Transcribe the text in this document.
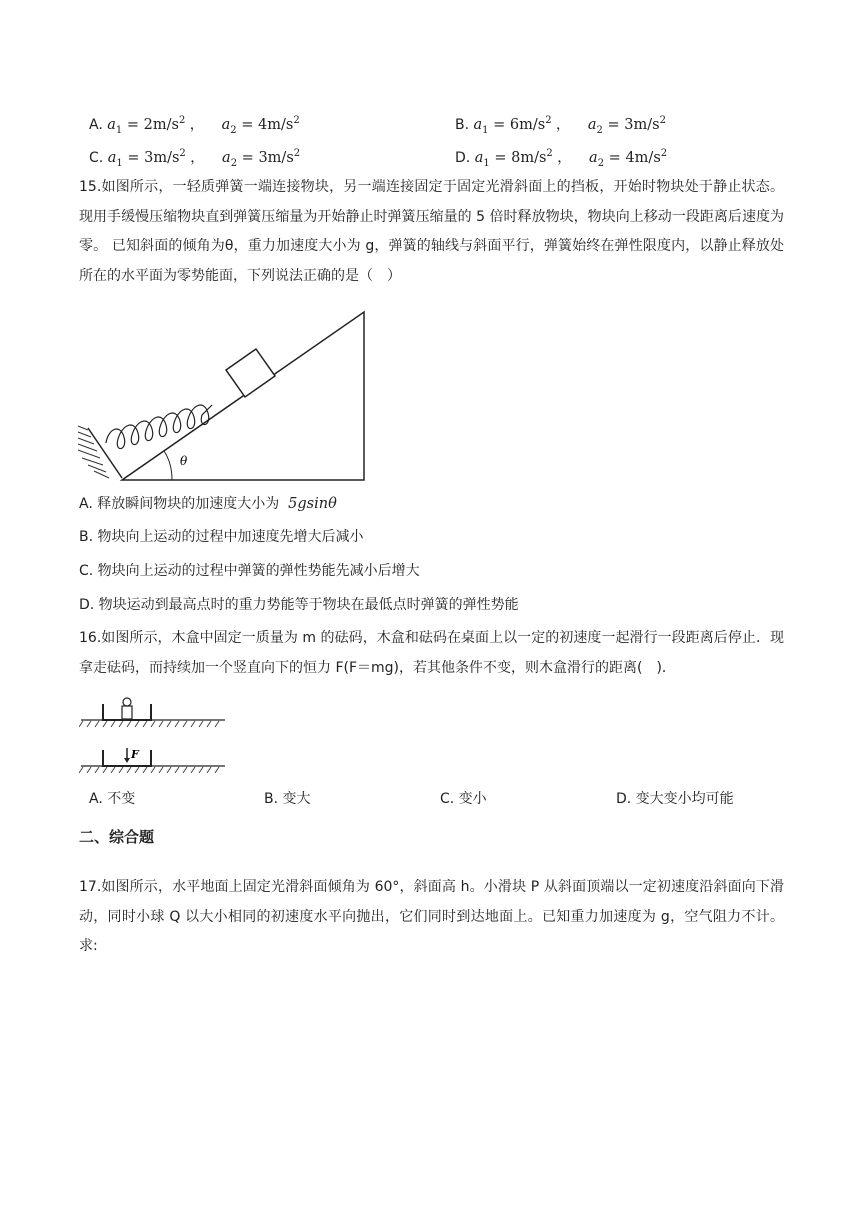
A. $a_1 = 2m/s^2$ ， $a_2 = 4m/s^2$	B. $a_1 = 6m/s^2$ ， $a_2 = 3m/s^2$
C. $a_1 = 3m/s^2$ ， $a_2 = 3m/s^2$	D. $a_1 = 8m/s^2$ ， $a_2 = 4m/s^2$
15.如图所示，一轻质弹簧一端连接物块，另一端连接固定于固定光滑斜面上的挡板，开始时物块处于静止状态。现用手缓慢压缩物块直到弹簧压缩量为开始静止时弹簧压缩量的 5 倍时释放物块，物块向上移动一段距离后速度为零。 已知斜面的倾角为θ，重力加速度大小为 g，弹簧的轴线与斜面平行，弹簧始终在弹性限度内，以静止释放处所在的水平面为零势能面，下列说法正确的是（　）
θ
A. 释放瞬间物块的加速度大小为 5gsinθ
B. 物块向上运动的过程中加速度先增大后减小
C. 物块向上运动的过程中弹簧的弹性势能先减小后增大
D. 物块运动到最高点时的重力势能等于物块在最低点时弹簧的弹性势能
16.如图所示，木盒中固定一质量为 m 的砝码，木盒和砝码在桌面上以一定的初速度一起滑行一段距离后停止．现拿走砝码，而持续加一个竖直向下的恒力 F(F＝mg)，若其他条件不变，则木盒滑行的距离(　)．
F
A. 不变	B. 变大	C. 变小	D. 变大变小均可能
二、综合题
17.如图所示，水平地面上固定光滑斜面倾角为 60°，斜面高 h。小滑块 P 从斜面顶端以一定初速度沿斜面向下滑动，同时小球 Q 以大小相同的初速度水平向抛出，它们同时到达地面上。已知重力加速度为 g，空气阻力不计。求:
